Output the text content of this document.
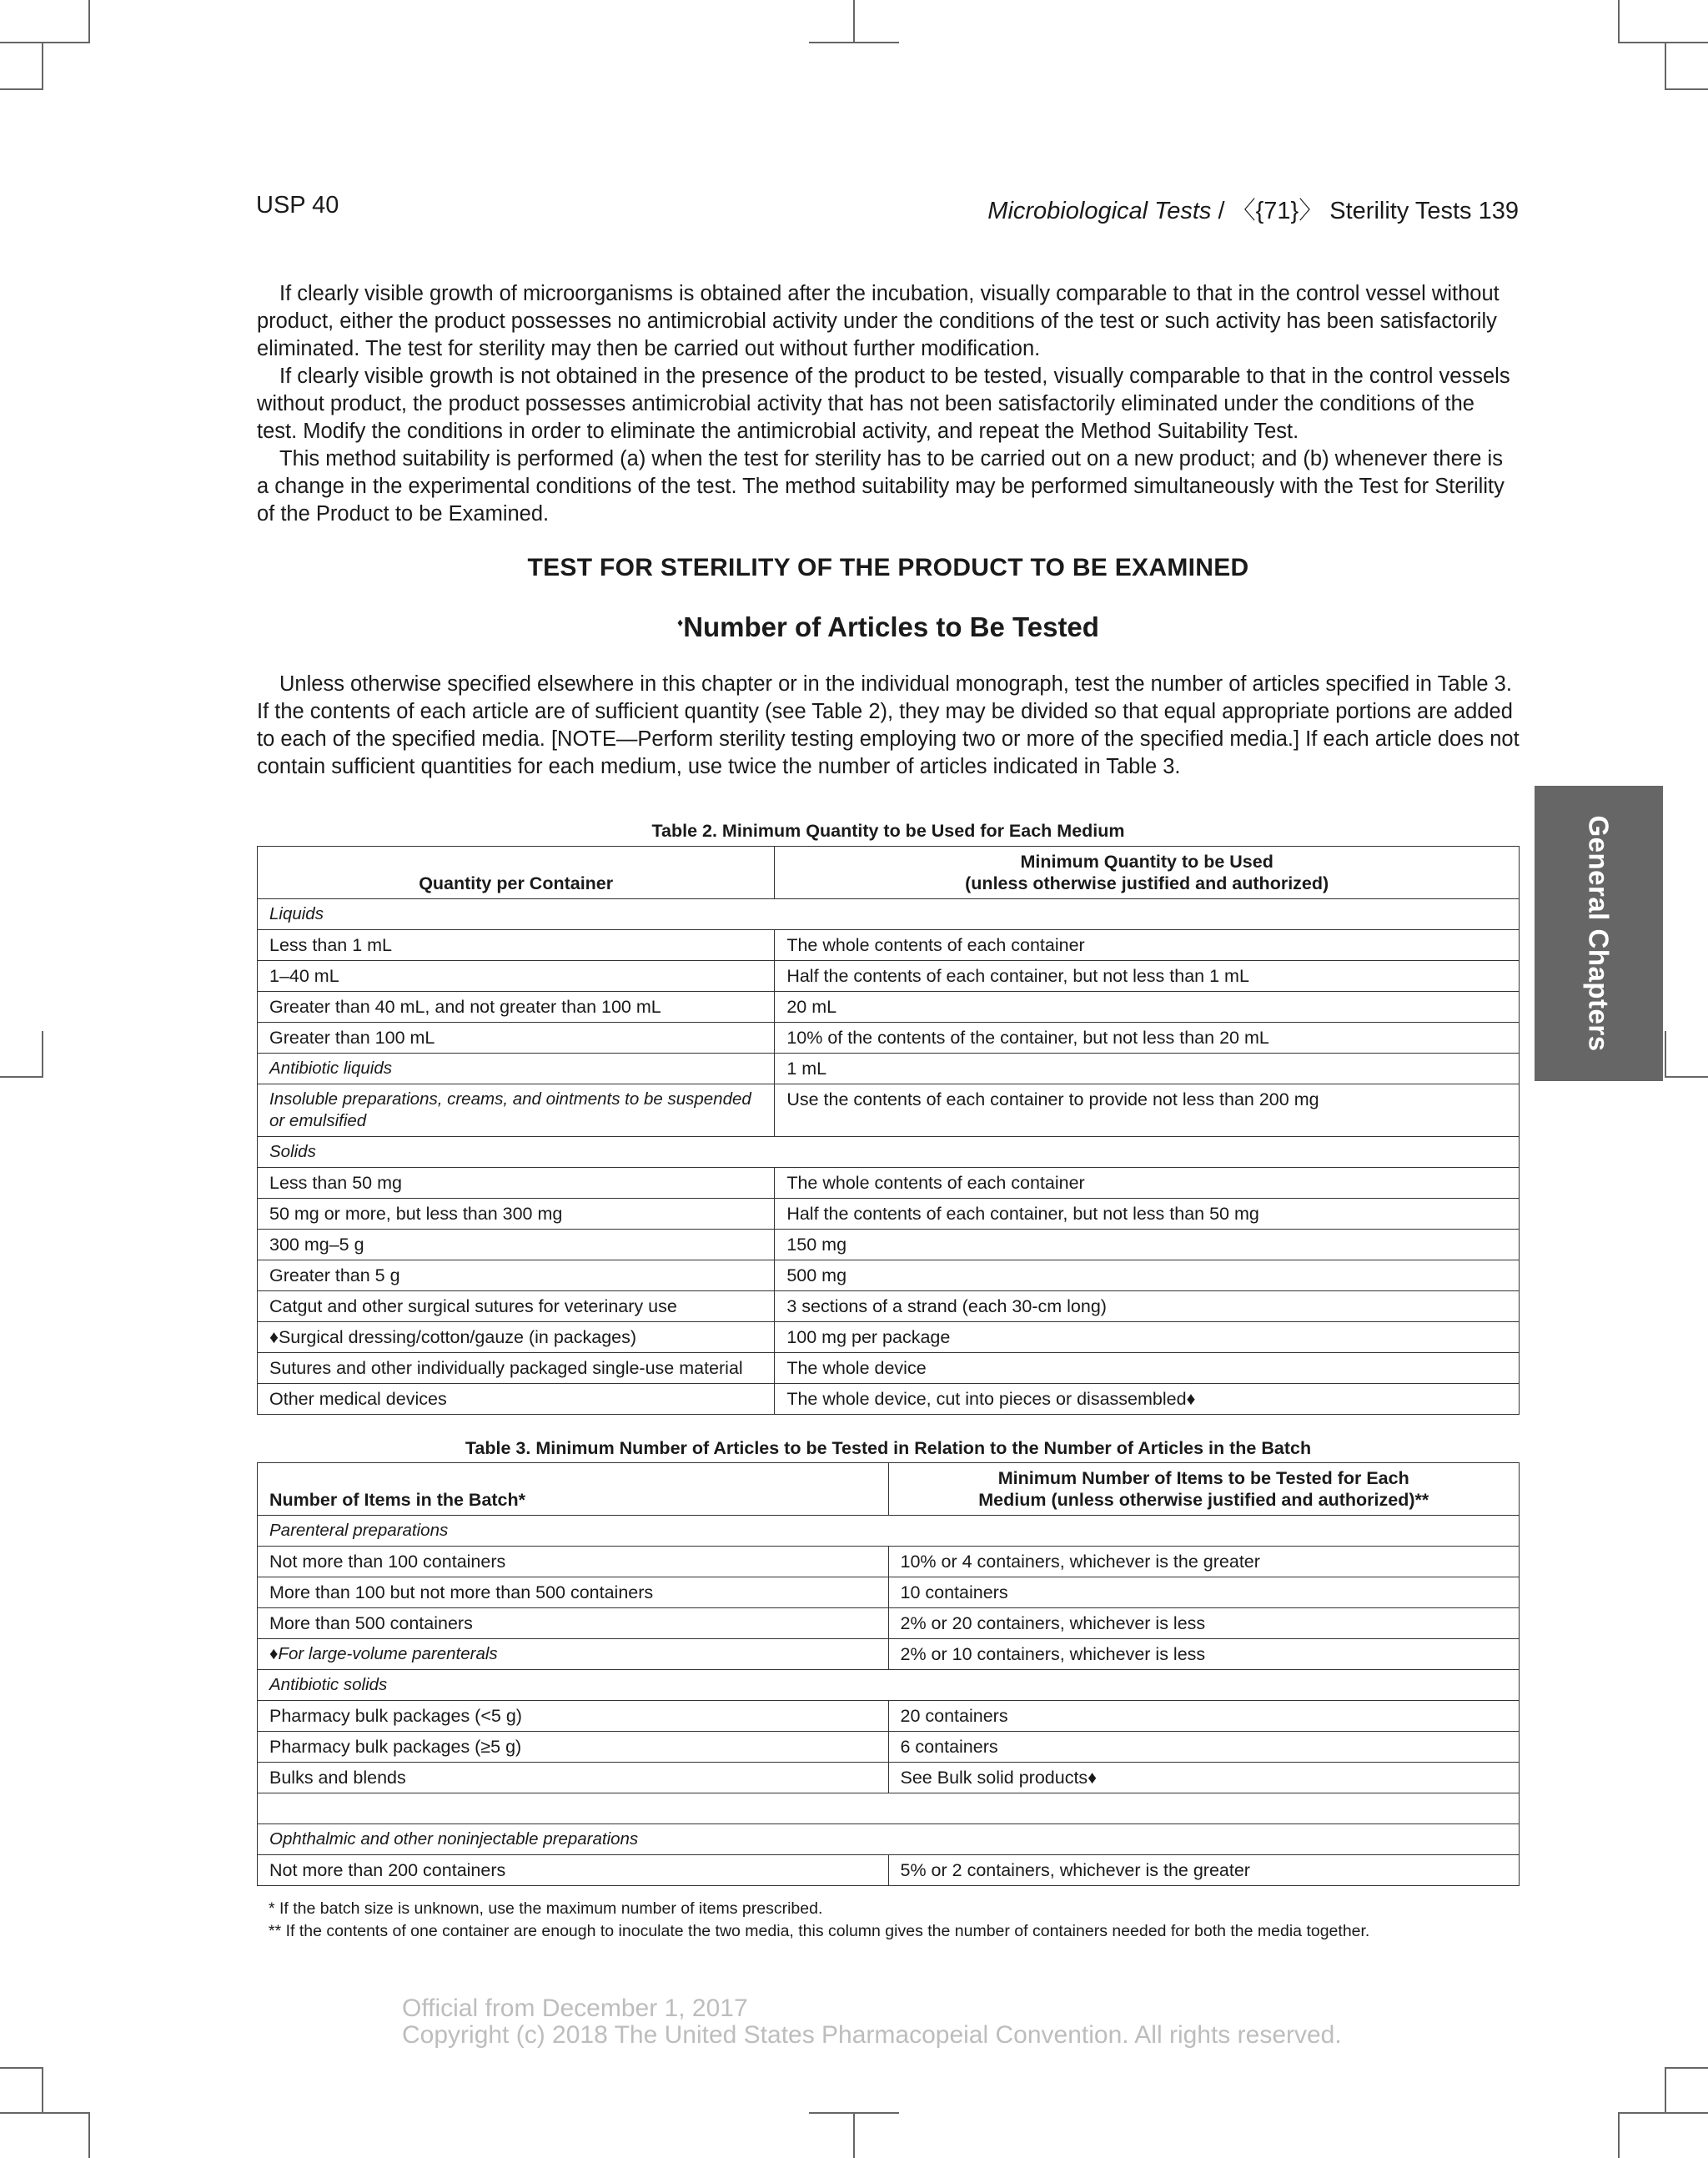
USP 40	Microbiological Tests / 〈{71}〉 Sterility Tests 139

If clearly visible growth of microorganisms is obtained after the incubation, visually comparable to that in the control vessel without product, either the product possesses no antimicrobial activity under the conditions of the test or such activity has been satisfactorily eliminated. The test for sterility may then be carried out without further modification.

If clearly visible growth is not obtained in the presence of the product to be tested, visually comparable to that in the control vessels without product, the product possesses antimicrobial activity that has not been satisfactorily eliminated under the conditions of the test. Modify the conditions in order to eliminate the antimicrobial activity, and repeat the Method Suitability Test.

This method suitability is performed (a) when the test for sterility has to be carried out on a new product; and (b) whenever there is a change in the experimental conditions of the test. The method suitability may be performed simultaneously with the Test for Sterility of the Product to be Examined.

TEST FOR STERILITY OF THE PRODUCT TO BE EXAMINED
♦Number of Articles to Be Tested

Unless otherwise specified elsewhere in this chapter or in the individual monograph, test the number of articles specified in Table 3. If the contents of each article are of sufficient quantity (see Table 2), they may be divided so that equal appropriate portions are added to each of the specified media. [NOTE—Perform sterility testing employing two or more of the specified media.] If each article does not contain sufficient quantities for each medium, use twice the number of articles indicated in Table 3.

Table 2. Minimum Quantity to be Used for Each Medium
Quantity per Container	Minimum Quantity to be Used
(unless otherwise justified and authorized)

Liquids	
Less than 1 mL	The whole contents of each container
1–40 mL	Half the contents of each container, but not less than 1 mL
Greater than 40 mL, and not greater than 100 mL	20 mL
Greater than 100 mL	10% of the contents of the container, but not less than 20 mL
Antibiotic liquids	1 mL
Insoluble preparations, creams, and ointments to be suspended or emulsified	Use the contents of each container to provide not less than 200 mg
Solids	
Less than 50 mg	The whole contents of each container
50 mg or more, but less than 300 mg	Half the contents of each container, but not less than 50 mg
300 mg–5 g	150 mg
Greater than 5 g	500 mg
Catgut and other surgical sutures for veterinary use	3 sections of a strand (each 30-cm long)
♦Surgical dressing/cotton/gauze (in packages)	100 mg per package
Sutures and other individually packaged single-use material	The whole device
Other medical devices	The whole device, cut into pieces or disassembled♦
Table 3. Minimum Number of Articles to be Tested in Relation to the Number of Articles in the Batch
Number of Items in the Batch*	Minimum Number of Items to be Tested for Each
Medium (unless otherwise justified and authorized)**

Parenteral preparations	
Not more than 100 containers	10% or 4 containers, whichever is the greater
More than 100 but not more than 500 containers	10 containers
More than 500 containers	2% or 20 containers, whichever is less
♦For large-volume parenterals	2% or 10 containers, whichever is less
Antibiotic solids	
Pharmacy bulk packages (<5 g)	20 containers
Pharmacy bulk packages (≥5 g)	6 containers
Bulks and blends	See Bulk solid products♦

Ophthalmic and other noninjectable preparations	
Not more than 200 containers	5% or 2 containers, whichever is the greater
* If the batch size is unknown, use the maximum number of items prescribed.
** If the contents of one container are enough to inoculate the two media, this column gives the number of containers needed for both the media together.
General Chapters
Official from December 1, 2017
Copyright (c) 2018 The United States Pharmacopeial Convention. All rights reserved.
